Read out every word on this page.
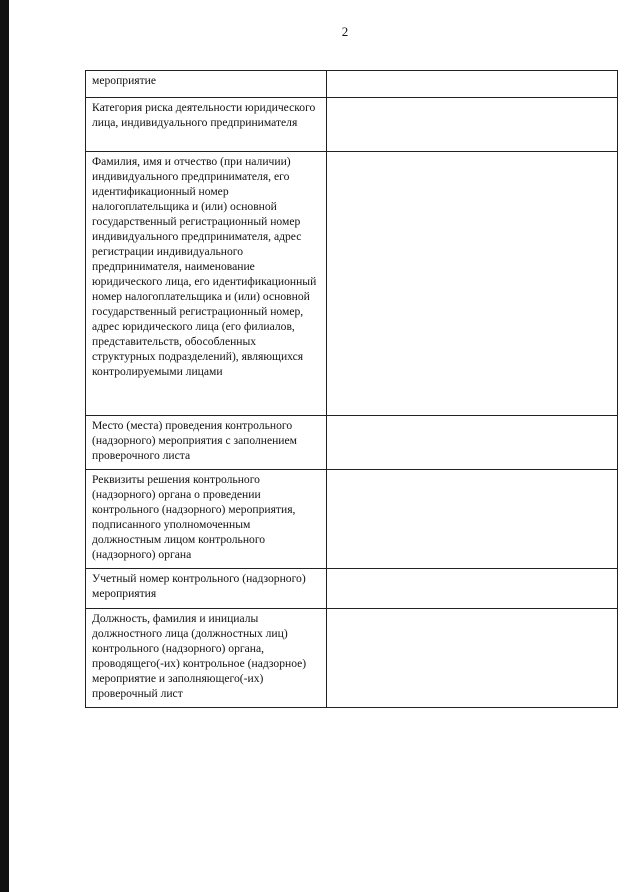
2
мероприятие	
Категория риска деятельности юридического лица, индивидуального предпринимателя	
Фамилия, имя и отчество (при наличии) индивидуального предпринимателя, его идентификационный номер налогоплательщика и (или) основной государственный регистрационный номер индивидуального предпринимателя, адрес регистрации индивидуального предпринимателя, наименование юридического лица, его идентификационный номер налогоплательщика и (или) основной государственный регистрационный номер, адрес юридического лица (его филиалов, представительств, обособленных структурных подразделений), являющихся контролируемыми лицами	
Место (места) проведения контрольного (надзорного) мероприятия с заполнением проверочного листа	
Реквизиты решения контрольного (надзорного) органа о проведении контрольного (надзорного) мероприятия, подписанного уполномоченным должностным лицом контрольного (надзорного) органа	
Учетный номер контрольного (надзорного) мероприятия	
Должность, фамилия и инициалы должностного лица (должностных лиц) контрольного (надзорного) органа, проводящего(-их) контрольное (надзорное) мероприятие и заполняющего(-их) проверочный лист	
